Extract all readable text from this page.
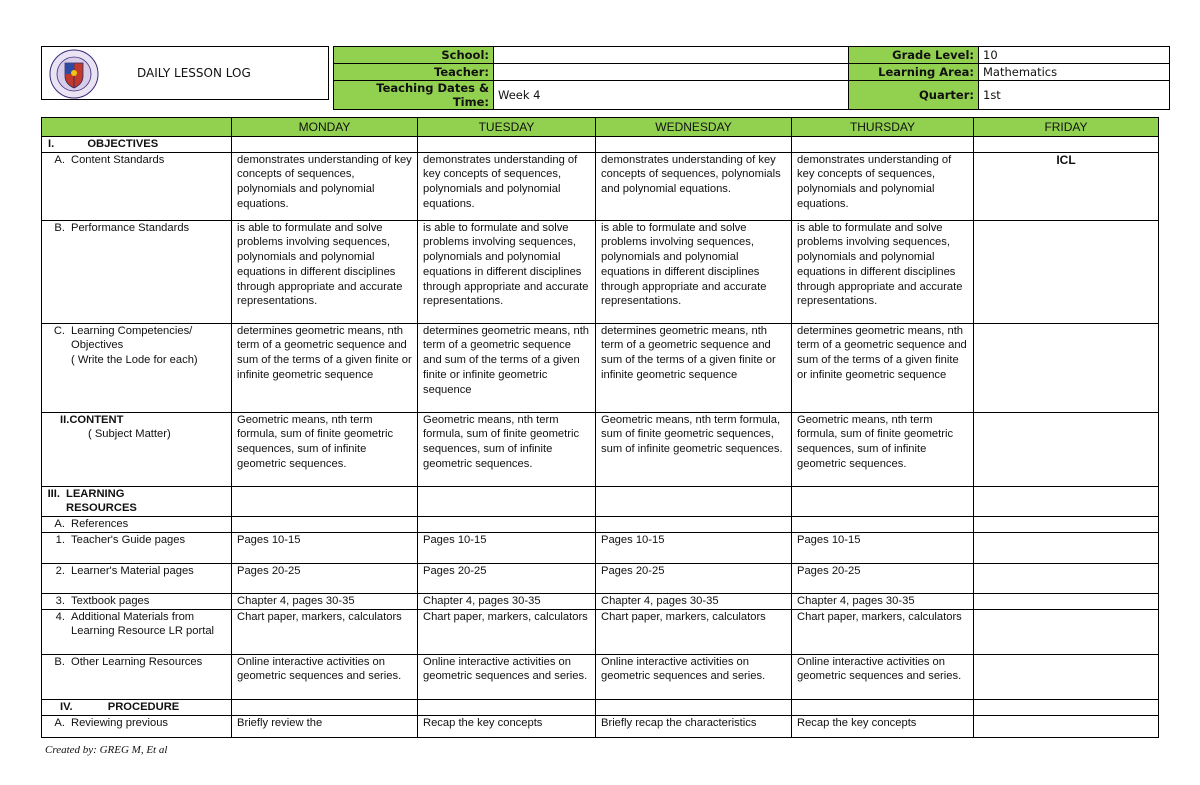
DAILY LESSON LOG
School:		Grade Level:	10
Teacher:		Learning Area:	Mathematics
Teaching Dates & Time:	Week 4	Quarter:	1st
	MONDAY	TUESDAY	WEDNESDAY	THURSDAY	FRIDAY
I. OBJECTIVES					

A. Content Standards	demonstrates understanding of key concepts of sequences, polynomials and polynomial equations.	demonstrates understanding of key concepts of sequences, polynomials and polynomial equations.	demonstrates understanding of key concepts of sequences, polynomials and polynomial equations.	demonstrates understanding of key concepts of sequences, polynomials and polynomial equations.	ICL

B. Performance Standards	is able to formulate and solve problems involving sequences, polynomials and polynomial equations in different disciplines through appropriate and accurate representations.	is able to formulate and solve problems involving sequences, polynomials and polynomial equations in different disciplines through appropriate and accurate representations.	is able to formulate and solve problems involving sequences, polynomials and polynomial equations in different disciplines through appropriate and accurate representations.	is able to formulate and solve problems involving sequences, polynomials and polynomial equations in different disciplines through appropriate and accurate representations.	

C. Learning Competencies/ Objectives
( Write the Lode for each)	determines geometric means, nth term of a geometric sequence and sum of the terms of a given finite or infinite geometric sequence	determines geometric means, nth term of a geometric sequence and sum of the terms of a given finite or infinite geometric sequence	determines geometric means, nth term of a geometric sequence and sum of the terms of a given finite or infinite geometric sequence	determines geometric means, nth term of a geometric sequence and sum of the terms of a given finite or infinite geometric sequence	
II.CONTENT
( Subject Matter)	Geometric means, nth term formula, sum of finite geometric sequences, sum of infinite geometric sequences.	Geometric means, nth term formula, sum of finite geometric sequences, sum of infinite geometric sequences.	Geometric means, nth term formula, sum of finite geometric sequences, sum of infinite geometric sequences.	Geometric means, nth term formula, sum of finite geometric sequences, sum of infinite geometric sequences.	

III. LEARNING RESOURCES					

A. References					

1. Teacher's Guide pages	Pages 10-15	Pages 10-15	Pages 10-15	Pages 10-15	

2. Learner's Material pages	Pages 20-25	Pages 20-25	Pages 20-25	Pages 20-25	

3. Textbook pages	Chapter 4, pages 30-35	Chapter 4, pages 30-35	Chapter 4, pages 30-35	Chapter 4, pages 30-35	

4. Additional Materials from Learning Resource LR portal	Chart paper, markers, calculators	Chart paper, markers, calculators	Chart paper, markers, calculators	Chart paper, markers, calculators	

B. Other Learning Resources	Online interactive activities on geometric sequences and series.	Online interactive activities on geometric sequences and series.	Online interactive activities on geometric sequences and series.	Online interactive activities on geometric sequences and series.	
IV. PROCEDURE					

A. Reviewing previous	Briefly review the	Recap the key concepts	Briefly recap the characteristics	Recap the key concepts	
Created by: GREG M, Et al
